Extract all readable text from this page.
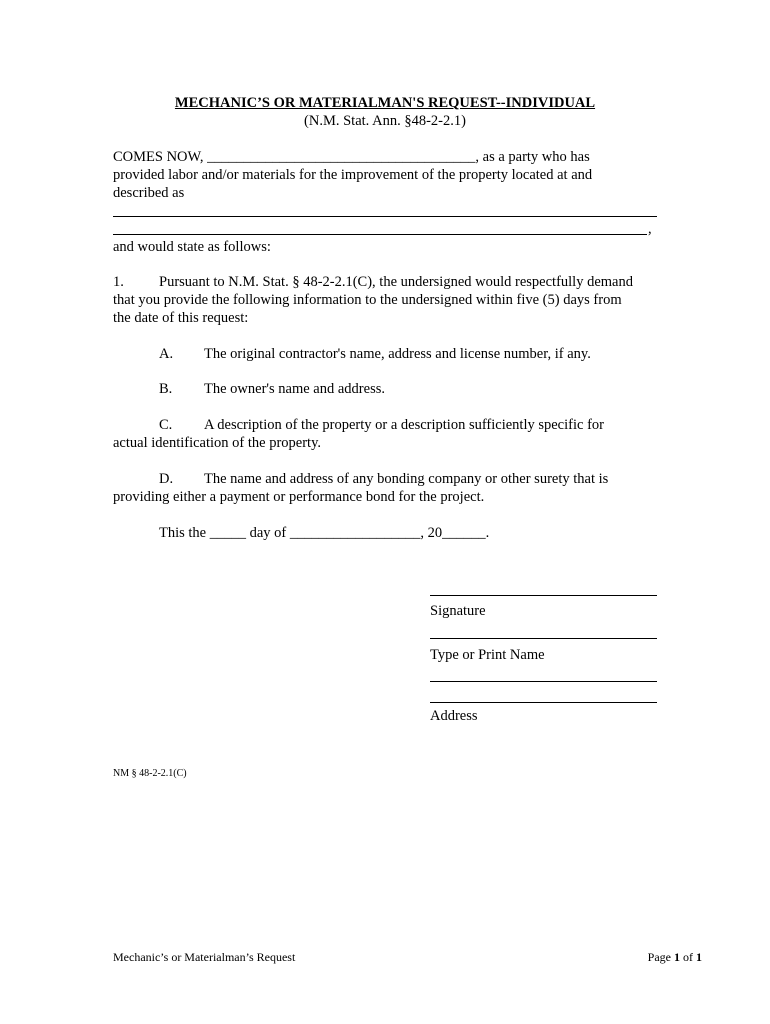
MECHANIC’S OR MATERIALMAN'S REQUEST--INDIVIDUAL
(N.M. Stat. Ann. §48-2-2.1)
COMES NOW, _____________________________________, as a party who has
provided labor and/or materials for the improvement of the property located at and
described as
,
and would state as follows:
1. Pursuant to N.M. Stat. § 48-2-2.1(C), the undersigned would respectfully demand
that you provide the following information to the undersigned within five (5) days from
the date of this request:
A. The original contractor's name, address and license number, if any.
B. The owner's name and address.
C. A description of the property or a description sufficiently specific for
actual identification of the property.
D. The name and address of any bonding company or other surety that is
providing either a payment or performance bond for the project.
This the _____ day of __________________, 20______.
Signature
Type or Print Name
Address
NM § 48-2-2.1(C)
Mechanic’s or Materialman’s Request	Page 1 of 1
